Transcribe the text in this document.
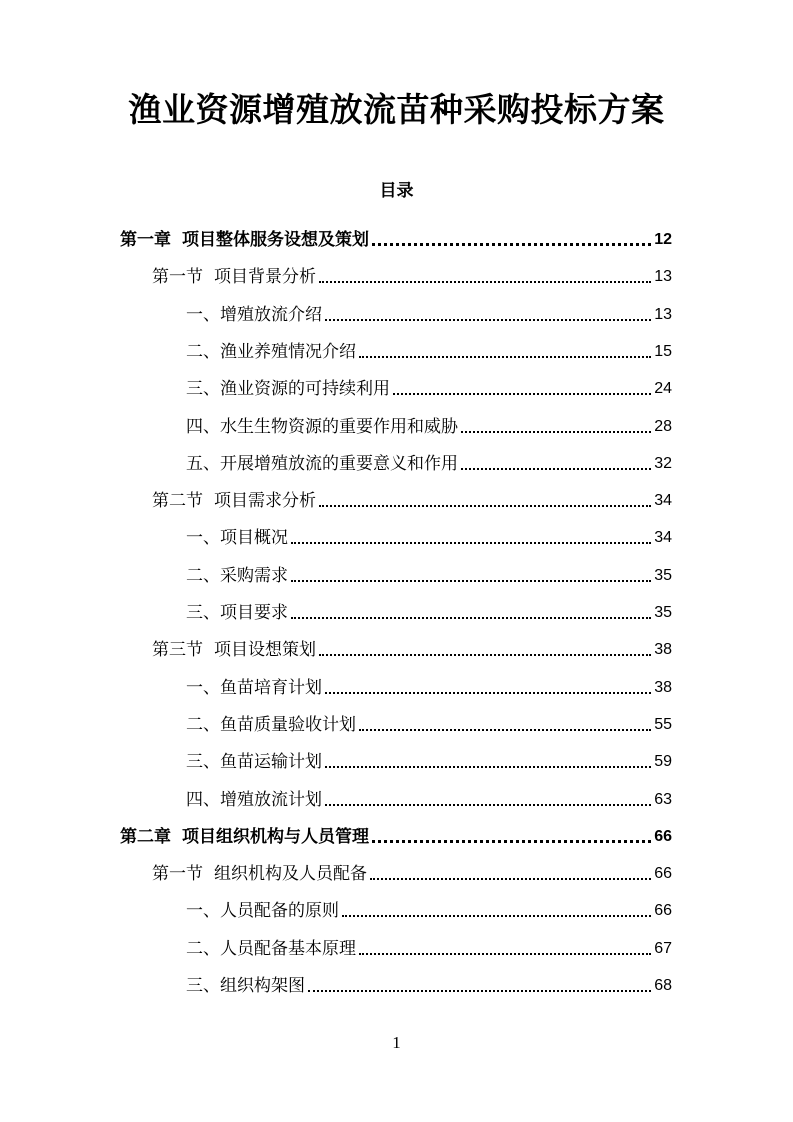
渔业资源增殖放流苗种采购投标方案
目录
第一章 项目整体服务设想及策划	12
第一节 项目背景分析	13
一、增殖放流介绍	13
二、渔业养殖情况介绍	15
三、渔业资源的可持续利用	24
四、水生生物资源的重要作用和威胁	28
五、开展增殖放流的重要意义和作用	32
第二节 项目需求分析	34
一、项目概况	34
二、采购需求	35
三、项目要求	35
第三节 项目设想策划	38
一、鱼苗培育计划	38
二、鱼苗质量验收计划	55
三、鱼苗运输计划	59
四、增殖放流计划	63
第二章 项目组织机构与人员管理	66
第一节 组织机构及人员配备	66
一、人员配备的原则	66
二、人员配备基本原理	67
三、组织构架图	68
1
